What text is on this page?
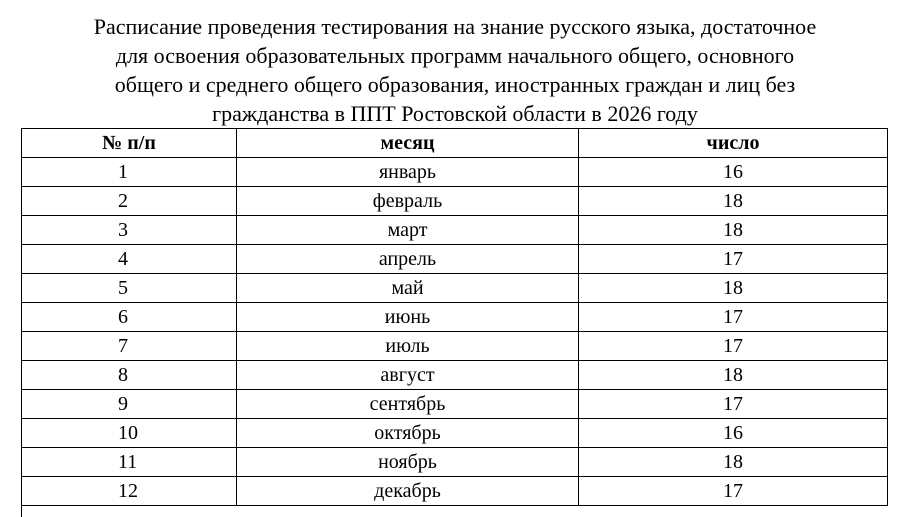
Расписание проведения тестирования на знание русского языка, достаточное
для освоения образовательных программ начального общего, основного
общего и среднего общего образования, иностранных граждан и лиц без
гражданства в ППТ Ростовской области в 2026 году
№ п/п	месяц	число
1	январь	16
2	февраль	18
3	март	18
4	апрель	17
5	май	18
6	июнь	17
7	июль	17
8	август	18
9	сентябрь	17
10	октябрь	16
11	ноябрь	18
12	декабрь	17
